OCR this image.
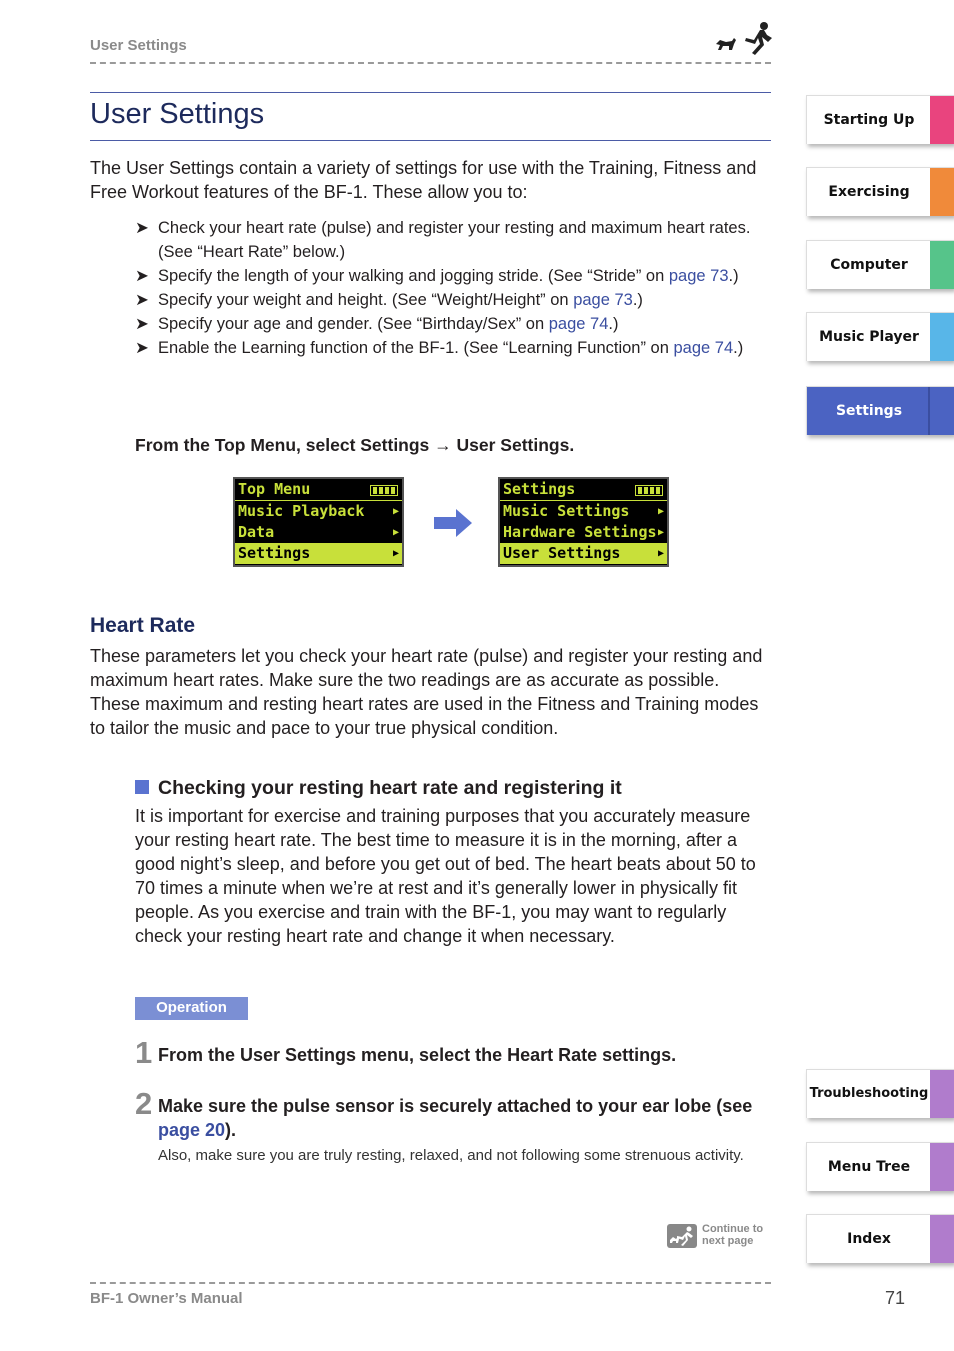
User Settings
User Settings
The User Settings contain a variety of settings for use with the Training, Fitness and Free Workout features of the BF-1. These allow you to:

➤ Check your heart rate (pulse) and register your resting and maximum heart rates. (See “Heart Rate” below.)

➤ Specify the length of your walking and jogging stride. (See “Stride” on page 73.)

➤ Specify your weight and height. (See “Weight/Height” on page 73.)

➤ Specify your age and gender. (See “Birthday/Sex” on page 74.)

➤ Enable the Learning function of the BF-1. (See “Learning Function” on page 74.)

From the Top Menu, select Settings → User Settings.
Top Menu
Music Playback	▶
Data	▶
Settings	▶
Settings
Music Settings	▶
Hardware Settings ▶
User Settings	▶
Heart Rate
These parameters let you check your heart rate (pulse) and register your resting and maximum heart rates. Make sure the two readings are as accurate as possible. These maximum and resting heart rates are used in the Fitness and Training modes to tailor the music and pace to your true physical condition.
Checking your resting heart rate and registering it
It is important for exercise and training purposes that you accurately measure your resting heart rate. The best time to measure it is in the morning, after a good night’s sleep, and before you get out of bed. The heart beats about 50 to 70 times a minute when we’re at rest and it’s generally lower in physically fit people. As you exercise and train with the BF-1, you may want to regularly check your resting heart rate and change it when necessary.
Operation
1 From the User Settings menu, select the Heart Rate settings.
2 Make sure the pulse sensor is securely attached to your ear lobe (see page 20).
Also, make sure you are truly resting, relaxed, and not following some strenuous activity.
Continue to
next page
BF-1 Owner’s Manual	71
Starting Up
Exercising
Computer
Music Player
Settings
Troubleshooting
Menu Tree
Index
